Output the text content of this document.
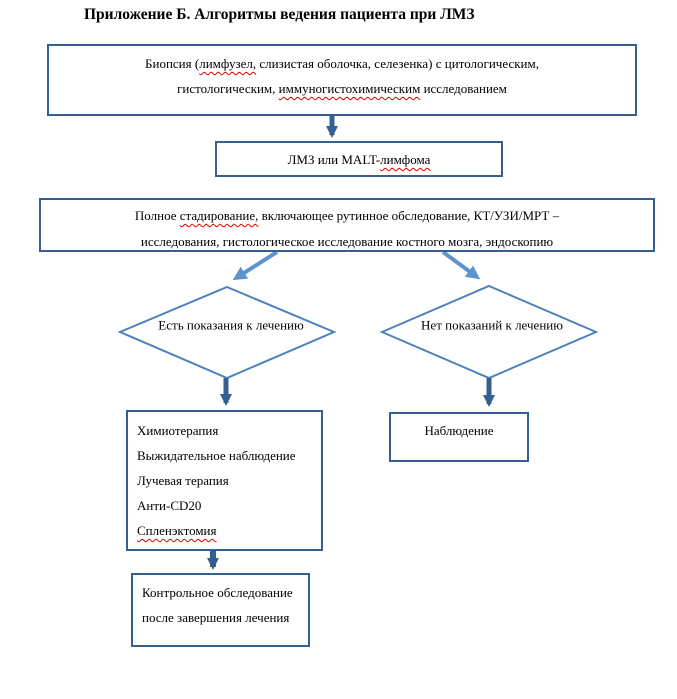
Приложение Б. Алгоритмы ведения пациента при ЛМЗ
Биопсия (лимфузел, слизистая оболочка, селезенка) с цитологическим,
гистологическим, иммуногистохимическим исследованием
ЛМЗ или MALT-лимфома
Полное стадирование, включающее рутинное обследование, КТ/УЗИ/МРТ –
исследования, гистологическое исследование костного мозга, эндоскопию
Есть показания к лечению	Нет показаний к лечению
Химиотерапия
Выжидательное наблюдение
Лучевая терапия
Анти-CD20
Спленэктомия
Наблюдение
Контрольное обследование
после завершения лечения
